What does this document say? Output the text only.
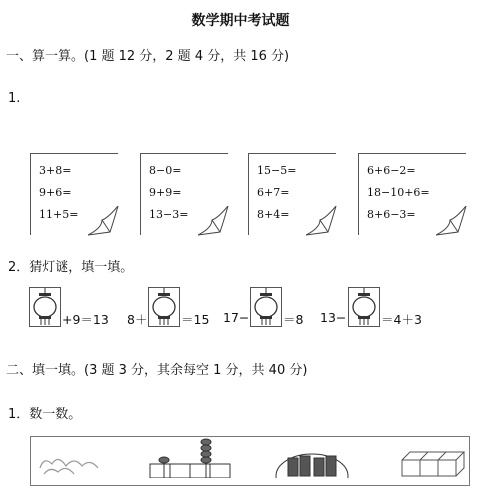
数学期中考试题
一、算一算。(1 题 12 分，2 题 4 分，共 16 分)
1.
3+8=
9+6=
11+5=
8−0=
9+9=
13−3=
15−5=
6+7=
8+4=
6+6−2=
18−10+6=
8+6−3=
2．猜灯谜，填一填。
+9＝13 8＋	＝15 17−	＝8 13−	＝4＋3
二、填一填。(3 题 3 分，其余每空 1 分，共 40 分)
1．数一数。
